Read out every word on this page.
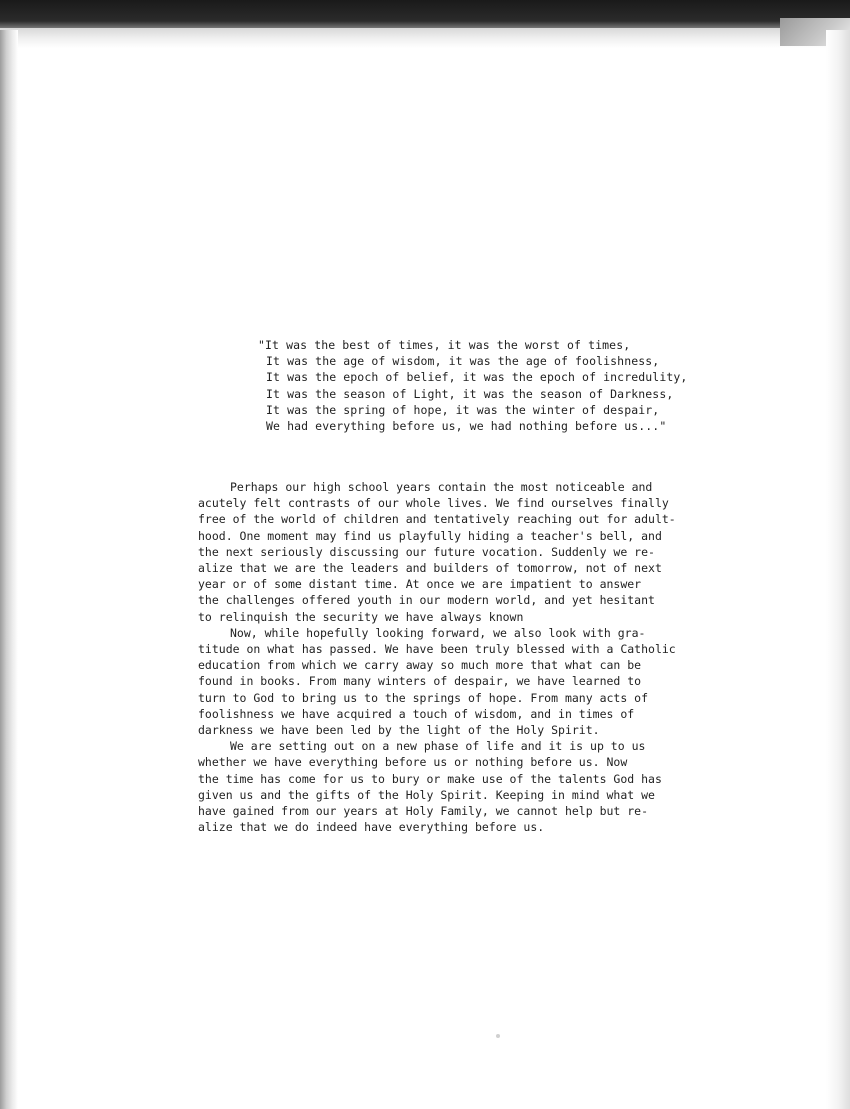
"It was the best of times, it was the worst of times,
It was the age of wisdom, it was the age of foolishness,
It was the epoch of belief, it was the epoch of incredulity,
It was the season of Light, it was the season of Darkness,
It was the spring of hope, it was the winter of despair,
We had everything before us, we had nothing before us..."

Perhaps our high school years contain the most noticeable and
acutely felt contrasts of our whole lives. We find ourselves finally
free of the world of children and tentatively reaching out for adult-
hood. One moment may find us playfully hiding a teacher's bell, and
the next seriously discussing our future vocation. Suddenly we re-
alize that we are the leaders and builders of tomorrow, not of next
year or of some distant time. At once we are impatient to answer
the challenges offered youth in our modern world, and yet hesitant
to relinquish the security we have always known

Now, while hopefully looking forward, we also look with gra-
titude on what has passed. We have been truly blessed with a Catholic
education from which we carry away so much more that what can be
found in books. From many winters of despair, we have learned to
turn to God to bring us to the springs of hope. From many acts of
foolishness we have acquired a touch of wisdom, and in times of
darkness we have been led by the light of the Holy Spirit.

We are setting out on a new phase of life and it is up to us
whether we have everything before us or nothing before us. Now
the time has come for us to bury or make use of the talents God has
given us and the gifts of the Holy Spirit. Keeping in mind what we
have gained from our years at Holy Family, we cannot help but re-
alize that we do indeed have everything before us.
